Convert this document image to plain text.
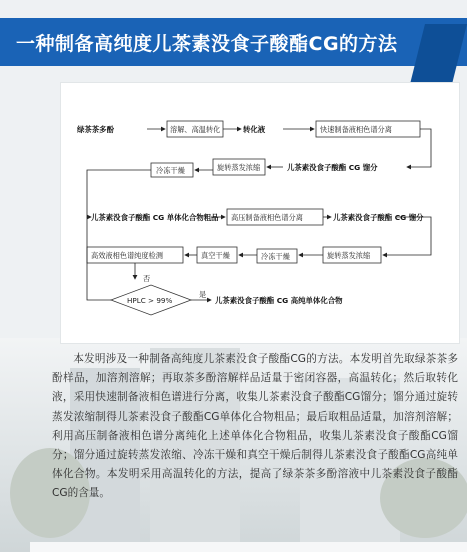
一种制备高纯度儿茶素没食子酸酯CG的方法
绿茶茶多酚	溶解、高温转化	转化液	快速制备液相色谱分离
儿茶素没食子酸酯 CG 馏分
旋转蒸发浓缩
冷冻干燥
儿茶素没食子酸酯 CG 单体化合物粗品 高压制备液相色谱分离	儿茶素没食子酸酯 CG 馏分
旋转蒸发浓缩
冷冻干燥
真空干燥
高效液相色谱纯度检测
HPLC > 99%
否
是
儿茶素没食子酸酯 CG 高纯单体化合物
本发明涉及一种制备高纯度儿茶素没食子酸酯CG的方法。本发明首先取绿茶茶多酚样品，加溶剂溶解；再取茶多酚溶解样品适量于密闭容器，高温转化；然后取转化液，采用快速制备液相色谱进行分离，收集儿茶素没食子酸酯CG馏分；馏分通过旋转蒸发浓缩制得儿茶素没食子酸酯CG单体化合物粗品；最后取粗品适量，加溶剂溶解；利用高压制备液相色谱分离纯化上述单体化合物粗品，收集儿茶素没食子酸酯CG馏分；馏分通过旋转蒸发浓缩、冷冻干燥和真空干燥后制得儿茶素没食子酸酯CG高纯单体化合物。本发明采用高温转化的方法，提高了绿茶茶多酚溶液中儿茶素没食子酸酯CG的含量。
